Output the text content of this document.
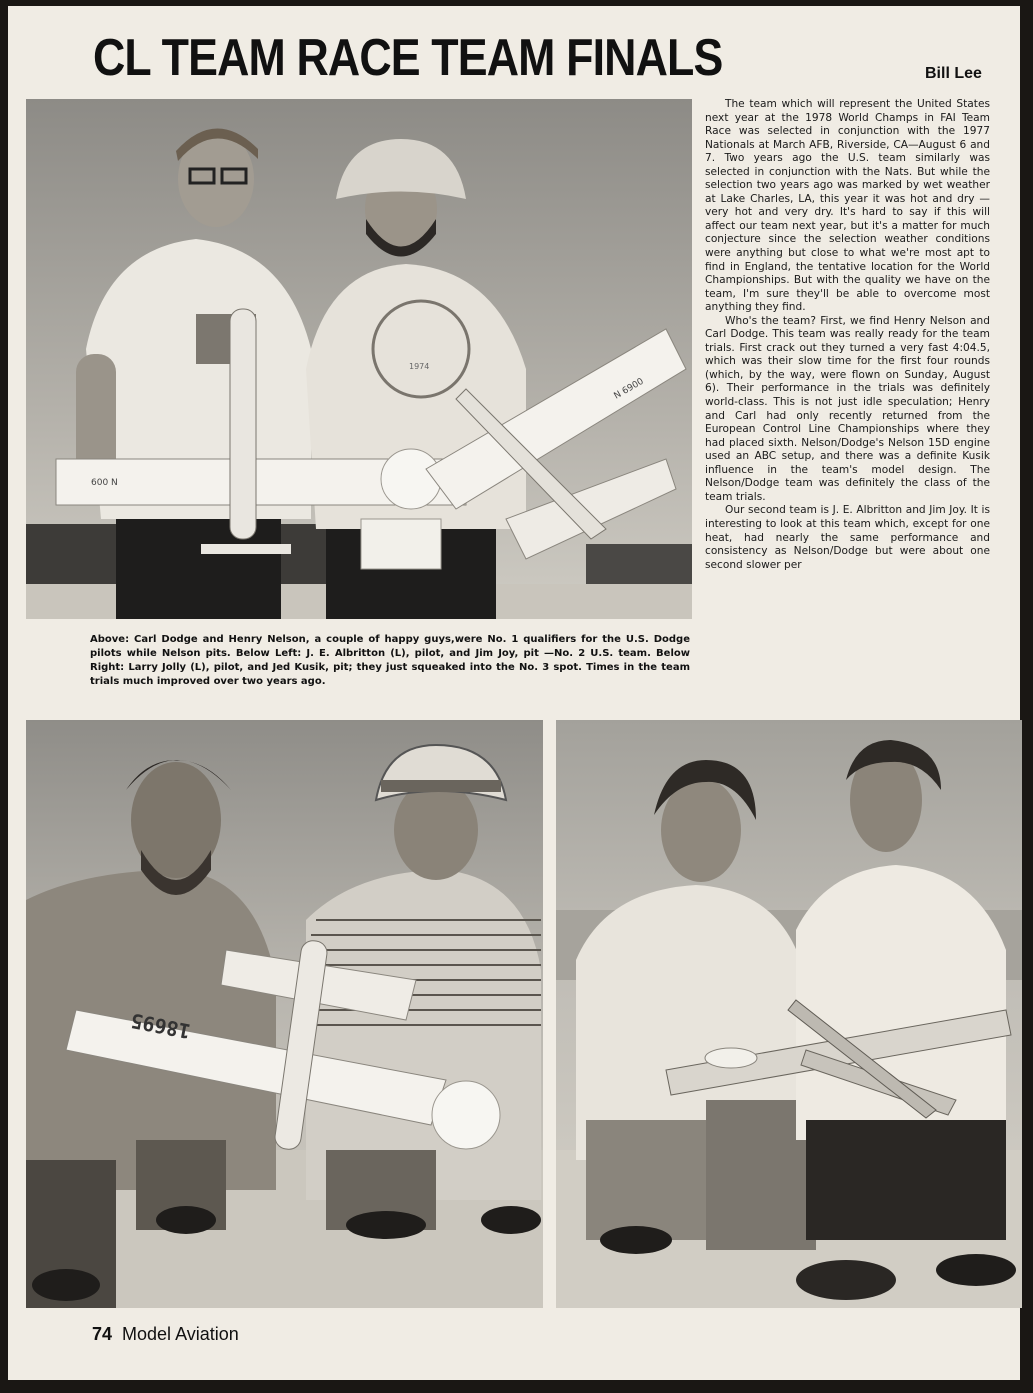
CL TEAM RACE TEAM FINALS	Bill Lee
600 N
N 6900
1974

The team which will represent the United States next year at the 1978 World Champs in FAI Team Race was selected in conjunction with the 1977 Nationals at March AFB, Riverside, CA—August 6 and 7. Two years ago the U.S. team similarly was selected in conjunction with the Nats. But while the selection two years ago was marked by wet weather at Lake Charles, LA, this year it was hot and dry —very hot and very dry. It's hard to say if this will affect our team next year, but it's a matter for much conjecture since the selection weather conditions were anything but close to what we're most apt to find in England, the tentative location for the World Championships. But with the quality we have on the team, I'm sure they'll be able to overcome most anything they find.

Who's the team? First, we find Henry Nelson and Carl Dodge. This team was really ready for the team trials. First crack out they turned a very fast 4:04.5, which was their slow time for the first four rounds (which, by the way, were flown on Sunday, August 6). Their performance in the trials was definitely world-class. This is not just idle speculation; Henry and Carl had only recently returned from the European Control Line Championships where they had placed sixth. Nelson/Dodge's Nelson 15D engine used an ABC setup, and there was a definite Kusik influence in the team's model design. The Nelson/Dodge team was definitely the class of the team trials.

Our second team is J. E. Albritton and Jim Joy. It is interesting to look at this team which, except for one heat, had nearly the same performance and consistency as Nelson/Dodge but were about one second slower per

Above: Carl Dodge and Henry Nelson, a couple of happy guys,were No. 1 qualifiers for the U.S. Dodge pilots while Nelson pits. Below Left: J. E. Albritton (L), pilot, and Jim Joy, pit —No. 2 U.S. team. Below Right: Larry Jolly (L), pilot, and Jed Kusik, pit; they just squeaked into the No. 3 spot. Times in the team trials much improved over two years ago.
18695
74 Model Aviation
